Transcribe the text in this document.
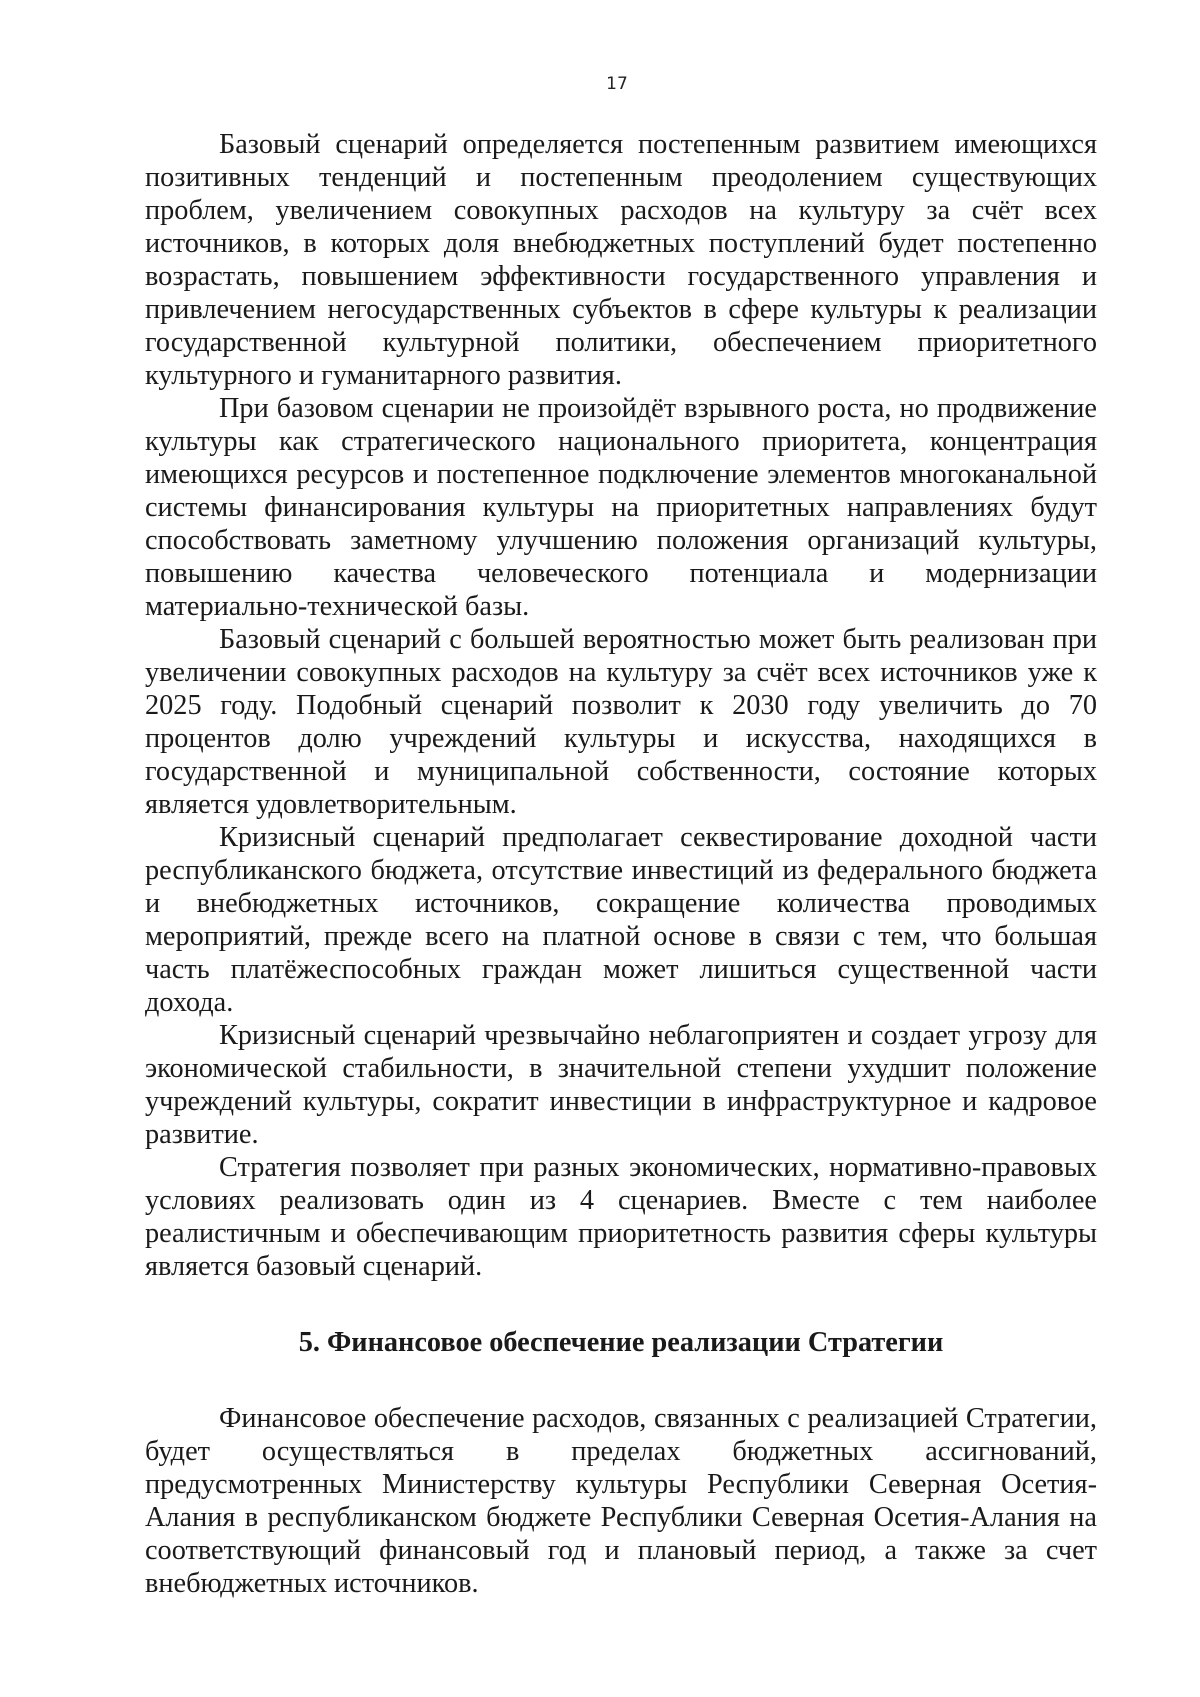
17

Базовый сценарий определяется постепенным развитием имеющихся позитивных тенденций и постепенным преодолением существующих проблем, увеличением совокупных расходов на культуру за счёт всех источников, в которых доля внебюджетных поступлений будет постепенно возрастать, повышением эффективности государственного управления и привлечением негосударственных субъектов в сфере культуры к реализации государственной культурной политики, обеспечением приоритетного культурного и гуманитарного развития.

При базовом сценарии не произойдёт взрывного роста, но продвижение культуры как стратегического национального приоритета, концентрация имеющихся ресурсов и постепенное подключение элементов многоканальной системы финансирования культуры на приоритетных направлениях будут способствовать заметному улучшению положения организаций культуры, повышению качества человеческого потенциала и модернизации материально-технической базы.

Базовый сценарий с большей вероятностью может быть реализован при увеличении совокупных расходов на культуру за счёт всех источников уже к 2025 году. Подобный сценарий позволит к 2030 году увеличить до 70 процентов долю учреждений культуры и искусства, находящихся в государственной и муниципальной собственности, состояние которых является удовлетворительным.

Кризисный сценарий предполагает секвестирование доходной части республиканского бюджета, отсутствие инвестиций из федерального бюджета и внебюджетных источников, сокращение количества проводимых мероприятий, прежде всего на платной основе в связи с тем, что большая часть платёжеспособных граждан может лишиться существенной части дохода.

Кризисный сценарий чрезвычайно неблагоприятен и создает угрозу для экономической стабильности, в значительной степени ухудшит положение учреждений культуры, сократит инвестиции в инфраструктурное и кадровое развитие.

Стратегия позволяет при разных экономических, нормативно-правовых условиях реализовать один из 4 сценариев. Вместе с тем наиболее реалистичным и обеспечивающим приоритетность развития сферы культуры является базовый сценарий.

5. Финансовое обеспечение реализации Стратегии

Финансовое обеспечение расходов, связанных с реализацией Стратегии, будет осуществляться в пределах бюджетных ассигнований, предусмотренных Министерству культуры Республики Северная Осетия-Алания в республиканском бюджете Республики Северная Осетия-Алания на соответствующий финансовый год и плановый период, а также за счет внебюджетных источников.
